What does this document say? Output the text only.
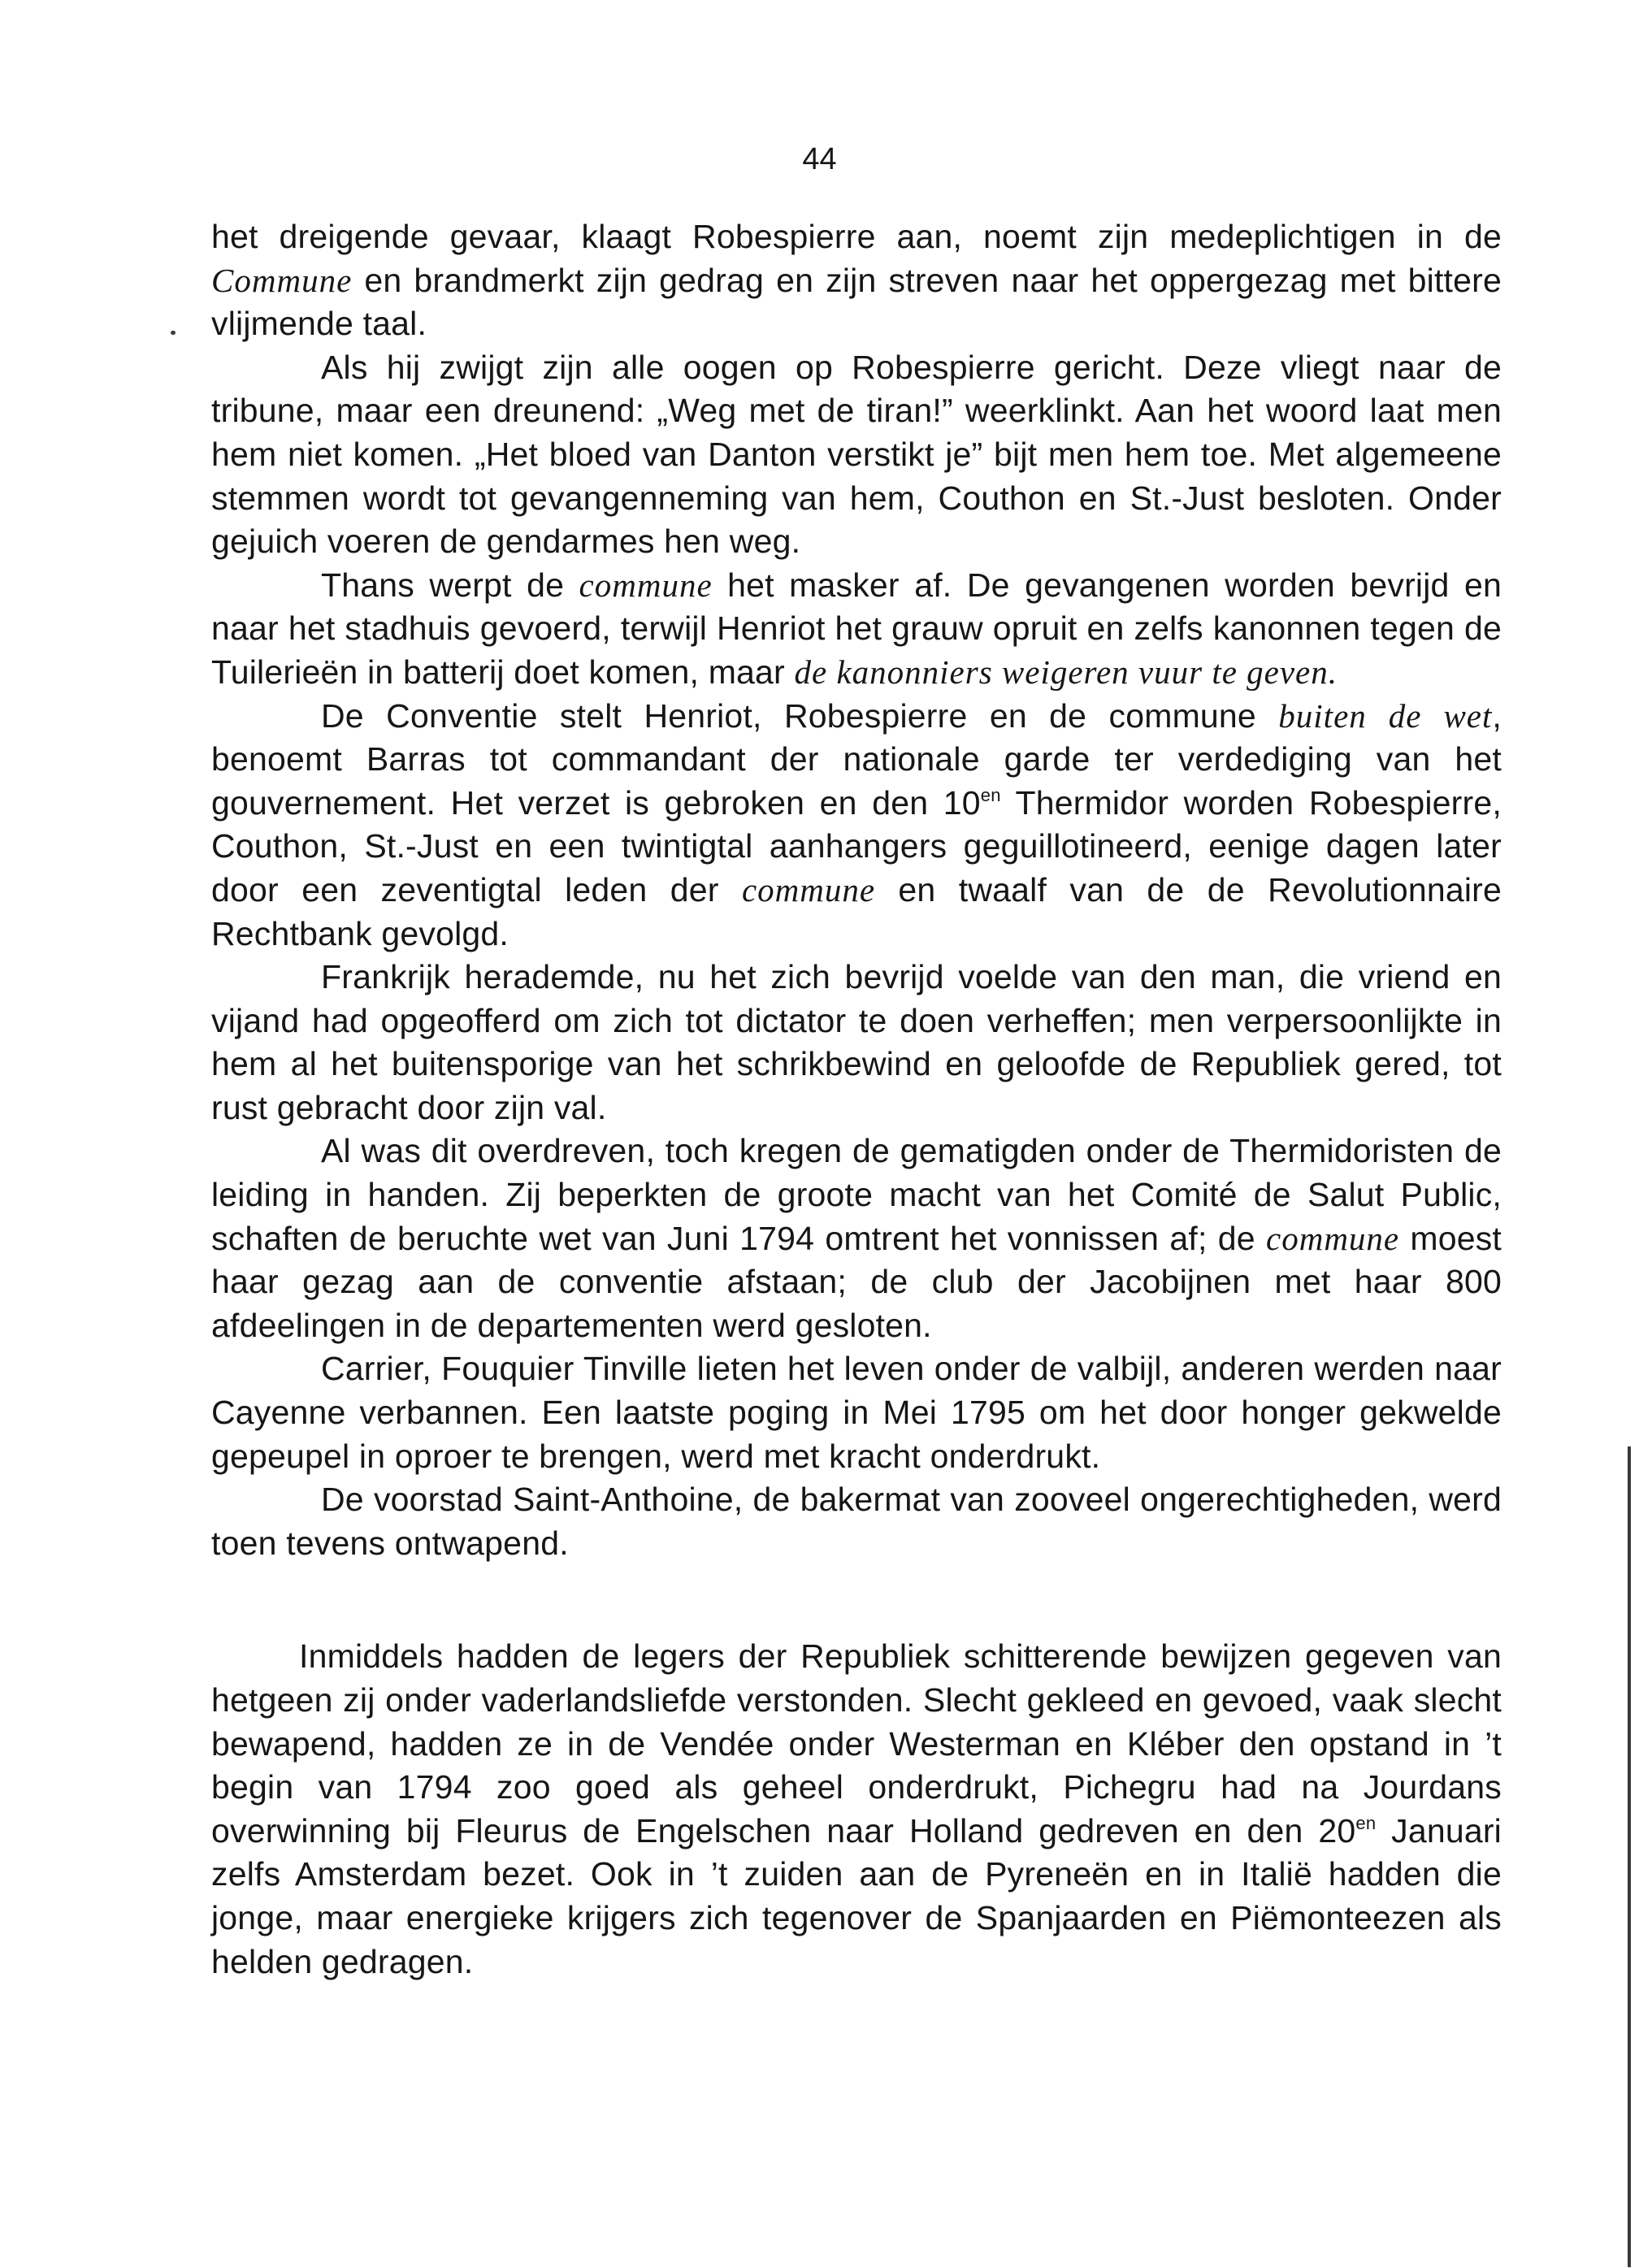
44

het dreigende gevaar, klaagt Robespierre aan, noemt zijn medeplichtigen in de Commune en brandmerkt zijn gedrag en zijn streven naar het oppergezag met bittere vlijmende taal.

Als hij zwijgt zijn alle oogen op Robespierre gericht. Deze vliegt naar de tribune, maar een dreunend: „Weg met de tiran!” weerklinkt. Aan het woord laat men hem niet komen. „Het bloed van Danton verstikt je” bijt men hem toe. Met algemeene stemmen wordt tot gevangenneming van hem, Couthon en St.-Just besloten. Onder gejuich voeren de gendarmes hen weg.

Thans werpt de commune het masker af. De gevangenen worden bevrijd en naar het stadhuis gevoerd, terwijl Henriot het grauw opruit en zelfs kanonnen tegen de Tuilerieën in batterij doet komen, maar de kanonniers weigeren vuur te geven.

De Conventie stelt Henriot, Robespierre en de commune buiten de wet, benoemt Barras tot commandant der nationale garde ter verdediging van het gouvernement. Het verzet is gebroken en den $10^{en}$ Thermidor worden Robespierre, Couthon, St.-Just en een twintigtal aanhangers geguillotineerd, eenige dagen later door een zeventigtal leden der commune en twaalf van de de Revolutionnaire Rechtbank gevolgd.

Frankrijk herademde, nu het zich bevrijd voelde van den man, die vriend en vijand had opgeofferd om zich tot dictator te doen verheffen; men verpersoonlijkte in hem al het buitensporige van het schrikbewind en geloofde de Republiek gered, tot rust gebracht door zijn val.

Al was dit overdreven, toch kregen de gematigden onder de Thermidoristen de leiding in handen. Zij beperkten de groote macht van het Comité de Salut Public, schaften de beruchte wet van Juni 1794 omtrent het vonnissen af; de commune moest haar gezag aan de conventie afstaan; de club der Jacobijnen met haar 800 afdeelingen in de departementen werd gesloten.

Carrier, Fouquier Tinville lieten het leven onder de valbijl, anderen werden naar Cayenne verbannen. Een laatste poging in Mei 1795 om het door honger gekwelde gepeupel in oproer te brengen, werd met kracht onderdrukt.

De voorstad Saint-Anthoine, de bakermat van zooveel ongerechtigheden, werd toen tevens ontwapend.

Inmiddels hadden de legers der Republiek schitterende bewijzen gegeven van hetgeen zij onder vaderlandsliefde verstonden. Slecht gekleed en gevoed, vaak slecht bewapend, hadden ze in de Vendée onder Westerman en Kléber den opstand in ’t begin van 1794 zoo goed als geheel onderdrukt, Pichegru had na Jourdans overwinning bij Fleurus de Engelschen naar Holland gedreven en den $20^{en}$ Januari zelfs Amsterdam bezet. Ook in ’t zuiden aan de Pyreneën en in Italië hadden die jonge, maar energieke krijgers zich tegenover de Spanjaarden en Piëmonteezen als helden gedragen.
